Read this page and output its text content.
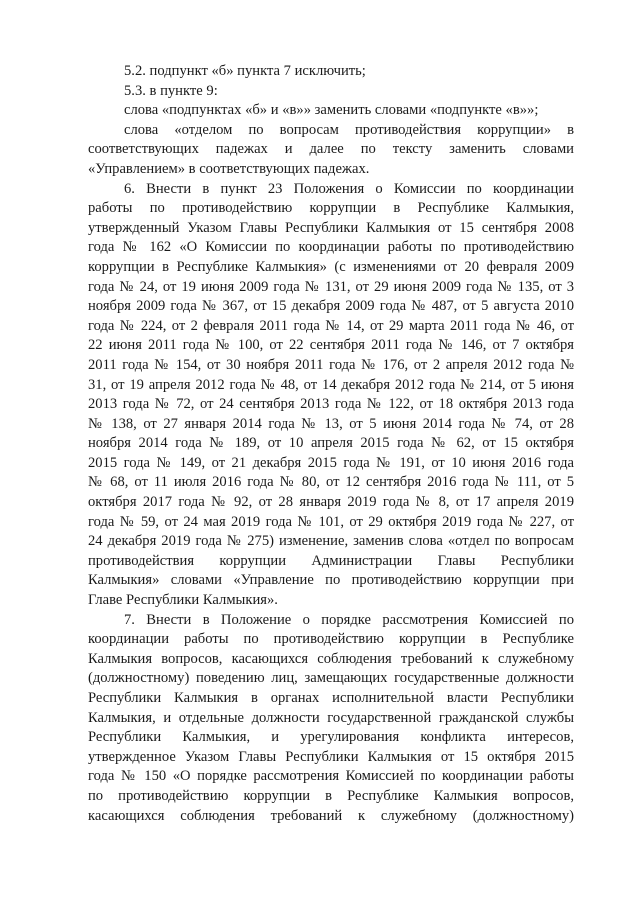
5.2. подпункт «б» пункта 7 исключить;
5.3. в пункте 9:
слова «подпунктах «б» и «в»» заменить словами «подпункте «в»»;
слова «отделом по вопросам противодействия коррупции» в
соответствующих падежах и далее по тексту заменить словами
«Управлением» в соответствующих падежах.
6. Внести в пункт 23 Положения о Комиссии по координации
работы по противодействию коррупции в Республике Калмыкия,
утвержденный Указом Главы Республики Калмыкия от 15 сентября 2008
года № 162 «О Комиссии по координации работы по противодействию
коррупции в Республике Калмыкия» (с изменениями от 20 февраля 2009
года № 24, от 19 июня 2009 года № 131, от 29 июня 2009 года № 135, от 3
ноября 2009 года № 367, от 15 декабря 2009 года № 487, от 5 августа 2010
года № 224, от 2 февраля 2011 года № 14, от 29 марта 2011 года № 46, от
22 июня 2011 года № 100, от 22 сентября 2011 года № 146, от 7 октября
2011 года № 154, от 30 ноября 2011 года № 176, от 2 апреля 2012 года №
31, от 19 апреля 2012 года № 48, от 14 декабря 2012 года № 214, от 5 июня
2013 года № 72, от 24 сентября 2013 года № 122, от 18 октября 2013 года
№ 138, от 27 января 2014 года № 13, от 5 июня 2014 года № 74, от 28
ноября 2014 года № 189, от 10 апреля 2015 года № 62, от 15 октября
2015 года № 149, от 21 декабря 2015 года № 191, от 10 июня 2016 года
№ 68, от 11 июля 2016 года № 80, от 12 сентября 2016 года № 111, от 5
октября 2017 года № 92, от 28 января 2019 года № 8, от 17 апреля 2019
года № 59, от 24 мая 2019 года № 101, от 29 октября 2019 года № 227, от
24 декабря 2019 года № 275) изменение, заменив слова «отдел по вопросам
противодействия коррупции Администрации Главы Республики
Калмыкия» словами «Управление по противодействию коррупции при
Главе Республики Калмыкия».
7. Внести в Положение о порядке рассмотрения Комиссией по
координации работы по противодействию коррупции в Республике
Калмыкия вопросов, касающихся соблюдения требований к служебному
(должностному) поведению лиц, замещающих государственные должности
Республики Калмыкия в органах исполнительной власти Республики
Калмыкия, и отдельные должности государственной гражданской службы
Республики Калмыкия, и урегулирования конфликта интересов,
утвержденное Указом Главы Республики Калмыкия от 15 октября 2015
года № 150 «О порядке рассмотрения Комиссией по координации работы
по противодействию коррупции в Республике Калмыкия вопросов,
касающихся соблюдения требований к служебному (должностному)
